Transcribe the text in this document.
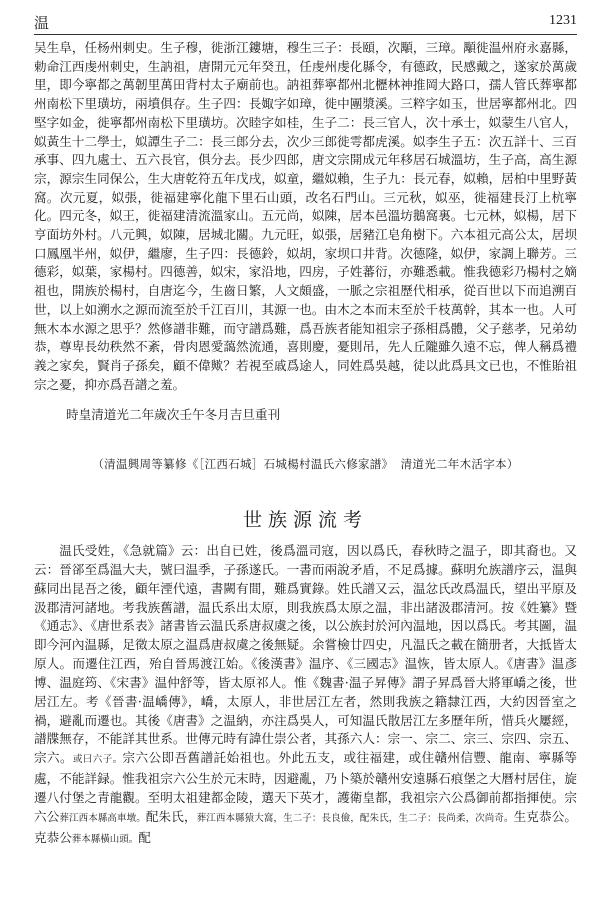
温	1231

吴生阜，任杨州刺史。生子穆，徙浙江鏤塘，穆生三子：長頤，次顒，三璋。顒徙温州府永嘉縣，勅命江西虔州刺史，生訥祖，唐開元元年癸丑，任虔州虔化縣令，有德政，民感戴之，遂家於萬歲里，即今寧都之萬韌里萬田背村太子廟前也。訥祖葬寧都州北櫪林神推岡大路口，孺人管氏葬寧都州南松下里璜坊，兩墳俱存。生子四：長娵字如璋，徙中團漿溪。三粹字如玉，世居寧都州北。四堅字如金，徙寧都州南松下里璜坊。次睦字如桂，生子二：長三官人，次十承士，姒蒙生八官人，姒黃生十二學士，姒譚生子二：長三郎分去，次少三郎徙雩都虎溪。姒李生子五：次五詳十、三百承事、四九處士、五六長官，俱分去。長少四郎，唐文宗開成元年移居石城溫坊，生子高，高生源宗，源宗生同保公，生大唐乾符五年戊戌，姒童，繼姒賴，生子九：長元春，姒賴，居柏中里野黃窩。次元夏，姒張，徙福建寧化龍下里石山頭，改名石門山。三元秋，姒巫，徙福建長汀上杭寧化。四元冬，姒王，徙福建清流溫家山。五元尚，姒陳，居本邑溫坊鵝窩裏。七元林，姒楊，居下亨面坊外村。八元興，姒陳，居城北關。九元旺，姒張，居豬江皂角樹下。六本祖元高公太，居坝口鳳凰半州，姒伊，繼廖，生子四：長德鈴，姒胡，家坝口井背。次德隆，姒伊，家調上聯芳。三德彩，姒葉，家楊村。四德善，姒宋，家沿地，四房，子姓蕃衍，亦難悉載。惟我德彩乃楊村之嫡祖也，開族於楊村，自唐迄今，生齒日繁，人文頗盛，一脈之宗祖歷代相承，從百世以下而追溯百世，以上如溯水之源而流至於千江百川，其源一也。由木之本而末至於千枝萬幹，其本一也。人可無木本水源之思乎？然修譜非難，而守譜爲難，爲吾族者能知祖宗子孫相爲體，父子慈孝，兄弟幼恭，尊卑長幼秩然不紊，骨肉恩愛藹然流通，喜則慶，憂則吊，先人丘隴雖久遠不忘，俾人稱爲禮義之家矣，賢肖子孫矣，顧不偉歟？若視至戚爲途人，同姓爲吳越，徒以此爲具文已也，不惟貽祖宗之憂，抑亦爲吾譜之羞。

時皇清道光二年歲次壬午冬月吉旦重刊
（清温興周等纂修《［江西石城］石城楊村温氏六修家譜》 清道光二年木活字本）
世族源流考

温氏受姓，《急就篇》云：出自已姓，後爲溫司寇，因以爲氏，春秋時之温子，即其裔也。又云：晉郤至爲温大夫，號曰温季，子孫遂氏。一書而兩說矛盾，不足爲據。蘇明允族譜序云，温與蘇同出昆吾之後，顧年湮代遠，書闕有間，難爲實錄。姓氏譜又云，温忿氏改爲温氏，望出平原及汲郡清河諸地。考我族舊譜，温氏系出太原，則我族爲太原之温，非出諸汲郡清河。按《姓纂》暨《通志》、《唐世系表》諸書皆云温氏系唐叔虞之後，以公族封於河內温地，因以爲氏。考其圖，温即今河內温縣，足徵太原之温爲唐叔虞之後無疑。余嘗檢廿四史，凡温氏之載在簡册者，大抵皆太原人。而遷住江西，殆自晉馬渡江始。《後漢書》温序、《三國志》温恢，皆太原人。《唐書》温彥博、温庭筠、《宋書》温仲舒等，皆太原祁人。惟《魏書·温子昇傳》謂子昇爲晉大將軍嶠之後，世居江左。考《晉書·温嶠傳》，嶠，太原人，非世居江左者，然則我族之籍隸江西，大約因晉室之禍，避亂而遷也。其後《唐書》之温納，亦注爲吳人，可知温氏散居江左多歷年所，惜兵火屢經，譜牒無存，不能詳其世系。世傳元時有諱仕崇公者，其孫六人：宗一、宗二、宗三、宗四、宗五、宗六。或曰六子。宗六公即吾舊譜託始祖也。外此五支，或往福建，或住贛州信豐、龍南、寧縣等處，不能詳録。惟我祖宗六公生於元末時，因避亂，乃卜築於贛州安遠縣石痕堡之大曆村居住，旋遷八付堡之青龍觀。至明太祖建都金陵，選天下英才，護衛皇都，我祖宗六公爲御前都指揮使。宗六公葬江西本縣高車墩。配朱氏，葬江西本縣猿大窩，生二子：長良儉，配朱氏，生二子：長尚柔，次尚奇。生克恭公。克恭公葬本縣橫山頭。配
